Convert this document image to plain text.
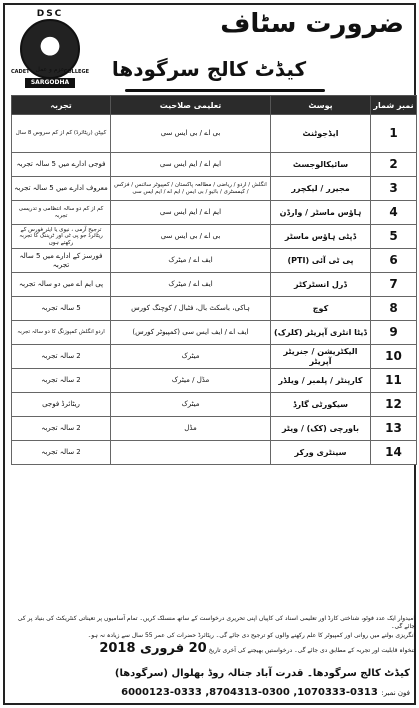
DSC
عزم و عمل
CADET	COLLEGE
SARGODHA
ضرورت سٹاف
کیڈٹ کالج سرگودھا
نمبر شمار	پوسٹ	تعلیمی صلاحیت	تجربہ
1	ایڈجوٹنٹ	بی اے / بی ایس سی	کیپٹن (ریٹائرڈ) کم از کم سروس 8 سال
2	سائیکالوجسٹ	ایم اے / ایم ایس سی	فوجی ادارے میں 5 سالہ تجربہ
3	مجیرر / لیکچرر	انگلش / اردو / ریاضی / مطالعہ پاکستان / کمپیوٹر سائنس / فزکس / کیمسٹری / بائیو / بی ایس / ایم اے / ایم ایس سی	معروف ادارے میں 5 سالہ تجربہ
4	ہاؤس ماسٹر / وارڈن	ایم اے / ایم ایس سی	کم از کم دو سالہ انتظامی و تدریسی تجربہ
5	ڈپٹی ہاؤس ماسٹر	بی اے / بی ایس سی	ترجیح آرمی ، نیوی یا ایئر فورس کے ریٹائرڈ جو پی ٹی اور ٹریننگ کا تجربہ رکھتے ہوں
6	پی ٹی آئی (PTI)	ایف اے / میٹرک	فورسز کے ادارے میں 5 سالہ تجربہ
7	ڈرل انسٹرکٹر	ایف اے / میٹرک	پی ایم اے میں دو سالہ تجربہ
8	کوچ	ہاکی، باسکٹ بال، فٹبال / کوچنگ کورس	5 سالہ تجربہ
9	ڈیٹا انٹری آپریٹر (کلرک)	ایف اے / ایف ایس سی (کمپیوٹر کورس)	اردو انگلش کمپوزنگ کا دو سالہ تجربہ
10	الیکٹریشن / جنریٹر آپریٹر	میٹرک	2 سالہ تجربہ
11	کارپنٹر / پلمبر / ویلڈر	مڈل / میٹرک	2 سالہ تجربہ
12	سیکورٹی گارڈ	میٹرک	ریٹائرڈ فوجی
13	باورچی (کک) / ویٹر	مڈل	2 سالہ تجربہ
14	سینٹری ورکر		2 سالہ تجربہ
امیدوار ایک عدد فوٹو، شناختی کارڈ اور تعلیمی اسناد کی کاپیاں اپنی تحریری درخواست کے ساتھ منسلک کریں۔ تمام آسامیوں پر تعیناتی کنٹریکٹ کی بنیاد پر کی جائے گی۔
انگریزی بولنے میں روانی اور کمپیوٹر کا علم رکھنے والوں کو ترجیح دی جائے گی۔ ریٹائرڈ حضرات کی عمر 55 سال سے زیادہ نہ ہو۔
تنخواہ قابلیت اور تجربہ کے مطابق دی جائے گی۔ درخواستیں بھیجنے کی آخری تاریخ 20 فروری 2018
کیڈٹ کالج سرگودھا۔ قدرت آباد جنالہ روڈ بھلوال (سرگودھا)
فون نمبر: 0313-1070333, 0300-8704313, 0333-6000123
